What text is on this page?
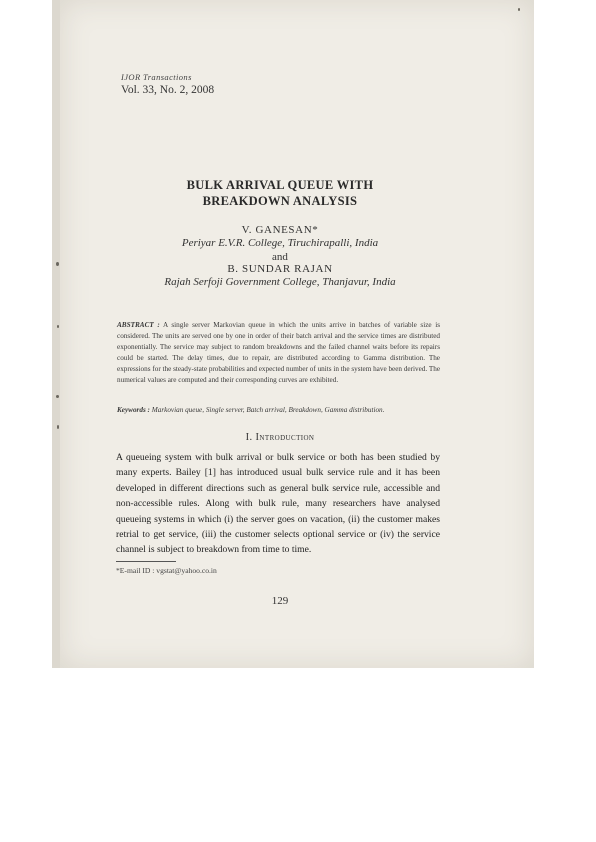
IJOR Transactions
Vol. 33, No. 2, 2008
BULK ARRIVAL QUEUE WITH
BREAKDOWN ANALYSIS
V. GANESAN*
Periyar E.V.R. College, Tiruchirapalli, India
and
B. SUNDAR RAJAN
Rajah Serfoji Government College, Thanjavur, India
ABSTRACT : A single server Markovian queue in which the units arrive in batches of variable size is considered. The units are served one by one in order of their batch arrival and the service times are distributed exponentially. The service may subject to random breakdowns and the failed channel waits before its repairs could be started. The delay times, due to repair, are distributed according to Gamma distribution. The expressions for the steady-state probabilities and expected number of units in the system have been derived. The numerical values are computed and their corresponding curves are exhibited.
Keywords : Markovian queue, Single server, Batch arrival, Breakdown, Gamma distribution.
I. Introduction
A queueing system with bulk arrival or bulk service or both has been studied by many experts. Bailey [1] has introduced usual bulk service rule and it has been developed in different directions such as general bulk service rule, accessible and non-accessible rules. Along with bulk rule, many researchers have analysed queueing systems in which (i) the server goes on vacation, (ii) the customer makes retrial to get service, (iii) the customer selects optional service or (iv) the service channel is subject to breakdown from time to time.
*E-mail ID : vgstat@yahoo.co.in
129
